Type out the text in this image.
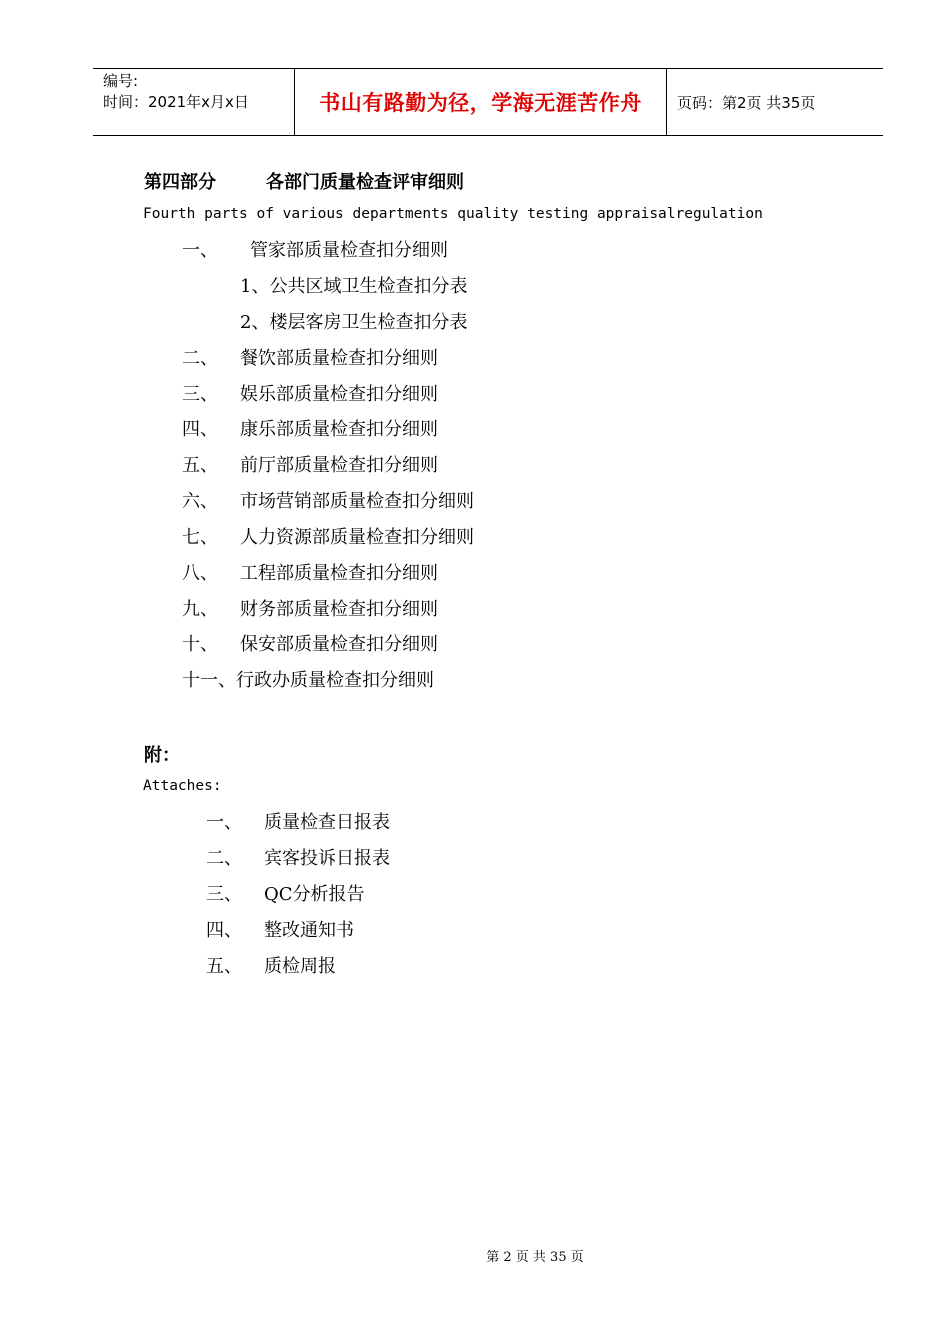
编号:
时间：2021年x月x日	书山有路勤为径，学海无涯苦作舟 页码：第2页 共35页
第四部分	各部门质量检查评审细则
Fourth parts of various departments quality testing appraisalregulation
一、 管家部质量检查扣分细则
1、公共区域卫生检查扣分表
2、楼层客房卫生检查扣分表
二、 餐饮部质量检查扣分细则
三、 娱乐部质量检查扣分细则
四、 康乐部质量检查扣分细则
五、 前厅部质量检查扣分细则
六、 市场营销部质量检查扣分细则
七、 人力资源部质量检查扣分细则
八、 工程部质量检查扣分细则
九、 财务部质量检查扣分细则
十、 保安部质量检查扣分细则
十一、行政办质量检查扣分细则
附：
Attaches:
一、 质量检查日报表
二、 宾客投诉日报表
三、 QC分析报告
四、 整改通知书
五、 质检周报
第 2 页 共 35 页
